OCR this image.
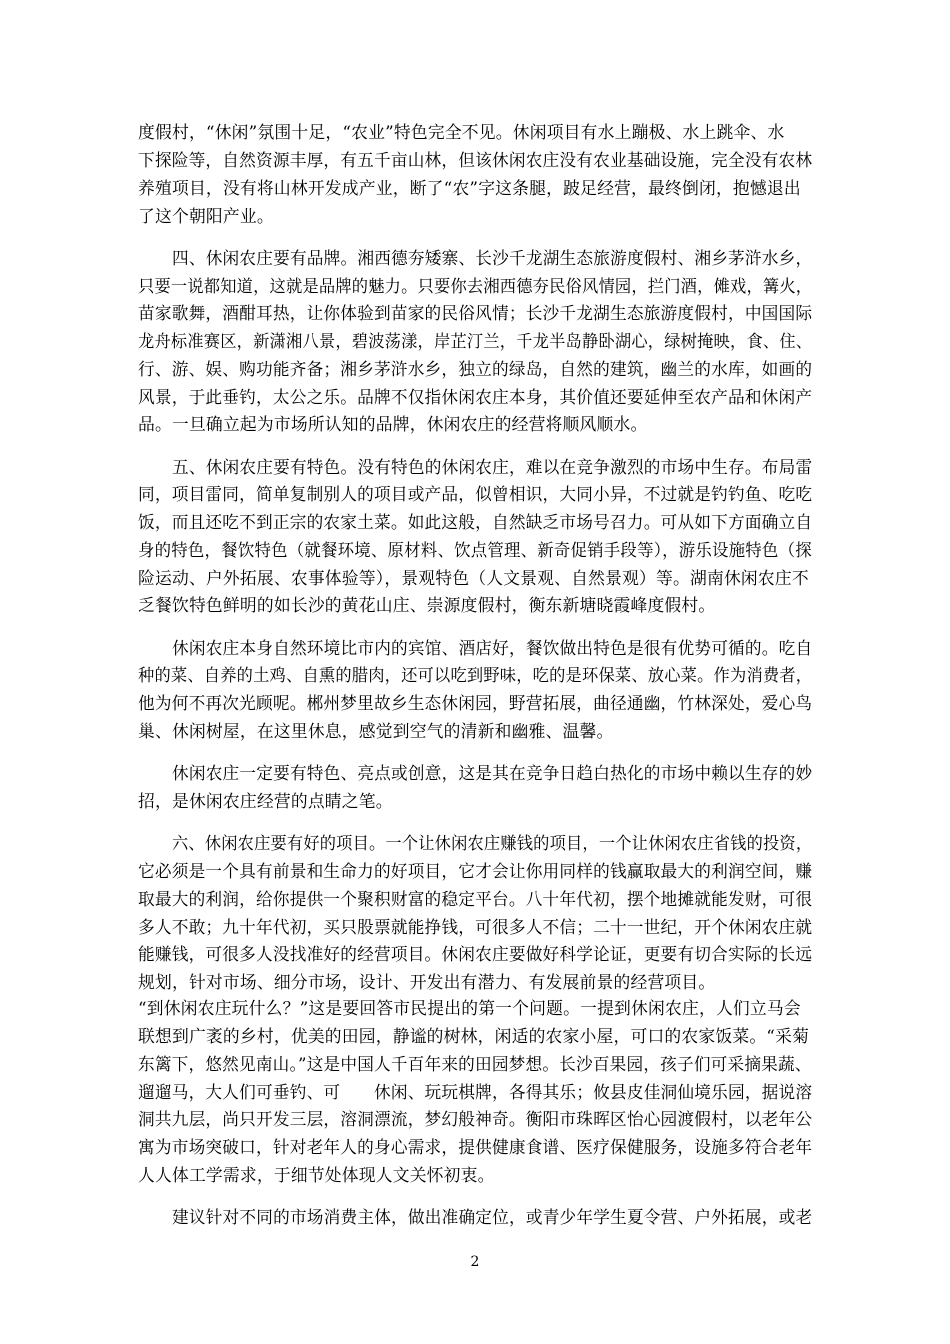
度假村，“休闲”氛围十足，“农业”特色完全不见。休闲项目有水上蹦极、水上跳伞、水
下探险等，自然资源丰厚，有五千亩山林，但该休闲农庄没有农业基础设施，完全没有农林
养殖项目，没有将山林开发成产业，断了“农”字这条腿，跛足经营，最终倒闭，抱憾退出
了这个朝阳产业。
四、休闲农庄要有品牌。湘西德夯矮寨、长沙千龙湖生态旅游度假村、湘乡茅浒水乡，
只要一说都知道，这就是品牌的魅力。只要你去湘西德夯民俗风情园，拦门酒，傩戏，篝火，
苗家歌舞，酒酣耳热，让你体验到苗家的民俗风情；长沙千龙湖生态旅游度假村，中国国际
龙舟标准赛区，新潇湘八景，碧波荡漾，岸芷汀兰，千龙半岛静卧湖心，绿树掩映，食、住、
行、游、娱、购功能齐备；湘乡茅浒水乡，独立的绿岛，自然的建筑，幽兰的水库，如画的
风景，于此垂钓，太公之乐。品牌不仅指休闲农庄本身，其价值还要延伸至农产品和休闲产
品。一旦确立起为市场所认知的品牌，休闲农庄的经营将顺风顺水。
五、休闲农庄要有特色。没有特色的休闲农庄，难以在竞争激烈的市场中生存。布局雷
同，项目雷同，简单复制别人的项目或产品，似曾相识，大同小异，不过就是钓钓鱼、吃吃
饭，而且还吃不到正宗的农家土菜。如此这般，自然缺乏市场号召力。可从如下方面确立自
身的特色，餐饮特色（就餐环境、原材料、饮点管理、新奇促销手段等），游乐设施特色（探
险运动、户外拓展、农事体验等），景观特色（人文景观、自然景观）等。湖南休闲农庄不
乏餐饮特色鲜明的如长沙的黄花山庄、崇源度假村，衡东新塘晓霞峰度假村。
休闲农庄本身自然环境比市内的宾馆、酒店好，餐饮做出特色是很有优势可循的。吃自
种的菜、自养的土鸡、自熏的腊肉，还可以吃到野味，吃的是环保菜、放心菜。作为消费者，
他为何不再次光顾呢。郴州梦里故乡生态休闲园，野营拓展，曲径通幽，竹林深处，爱心鸟
巢、休闲树屋，在这里休息，感觉到空气的清新和幽雅、温馨。
休闲农庄一定要有特色、亮点或创意，这是其在竞争日趋白热化的市场中赖以生存的妙
招，是休闲农庄经营的点睛之笔。
六、休闲农庄要有好的项目。一个让休闲农庄赚钱的项目，一个让休闲农庄省钱的投资，
它必须是一个具有前景和生命力的好项目，它才会让你用同样的钱赢取最大的利润空间，赚
取最大的利润，给你提供一个聚积财富的稳定平台。八十年代初，摆个地摊就能发财，可很
多人不敢；九十年代初，买只股票就能挣钱，可很多人不信；二十一世纪，开个休闲农庄就
能赚钱，可很多人没找准好的经营项目。休闲农庄要做好科学论证，更要有切合实际的长远
规划，针对市场、细分市场，设计、开发出有潜力、有发展前景的经营项目。
“到休闲农庄玩什么？”这是要回答市民提出的第一个问题。一提到休闲农庄，人们立马会
联想到广袤的乡村，优美的田园，静谧的树林，闲适的农家小屋，可口的农家饭菜。“采菊
东篱下，悠然见南山。”这是中国人千百年来的田园梦想。长沙百果园，孩子们可采摘果蔬、
遛遛马，大人们可垂钓、可　　休闲、玩玩棋牌，各得其乐；攸县皮佳洞仙境乐园，据说溶
洞共九层，尚只开发三层，溶洞漂流，梦幻般神奇。衡阳市珠晖区怡心园渡假村，以老年公
寓为市场突破口，针对老年人的身心需求，提供健康食谱、医疗保健服务，设施多符合老年
人人体工学需求，于细节处体现人文关怀初衷。
建议针对不同的市场消费主体，做出准确定位，或青少年学生夏令营、户外拓展，或老
2
